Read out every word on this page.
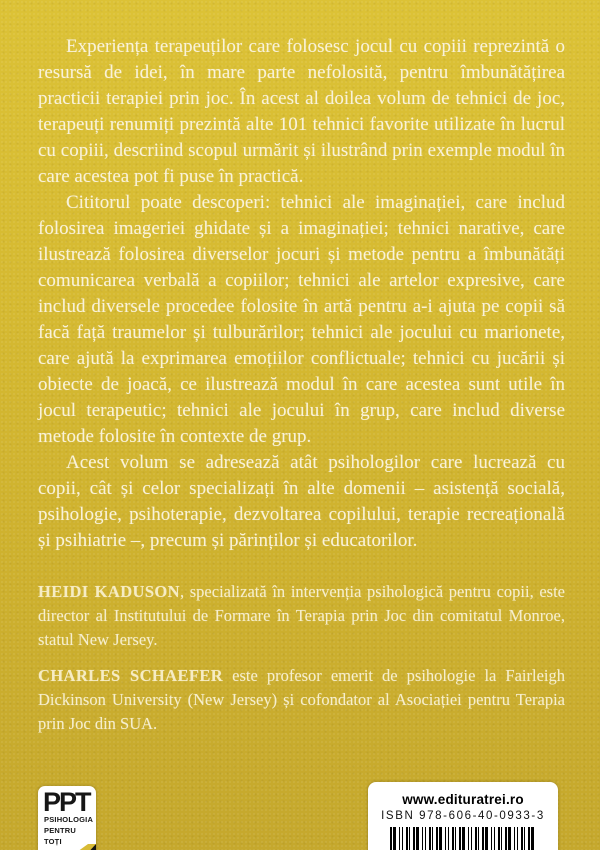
Experiența terapeuților care folosesc jocul cu copiii reprezintă o resursă de idei, în mare parte nefolosită, pentru îmbunătățirea practicii terapiei prin joc. În acest al doilea volum de tehnici de joc, terapeuți renumiți prezintă alte 101 tehnici favorite utilizate în lucrul cu copiii, descriind scopul urmărit și ilustrând prin exemple modul în care acestea pot fi puse în practică.

Cititorul poate descoperi: tehnici ale imaginației, care includ folosirea imageriei ghidate și a imaginației; tehnici narative, care ilustrează folosirea diverselor jocuri și metode pentru a îmbunătăți comunicarea verbală a copiilor; tehnici ale artelor expresive, care includ diversele procedee folosite în artă pentru a-i ajuta pe copii să facă față traumelor și tulburărilor; tehnici ale jocului cu marionete, care ajută la exprimarea emoțiilor conflictuale; tehnici cu jucării și obiecte de joacă, ce ilustrează modul în care acestea sunt utile în jocul terapeutic; tehnici ale jocului în grup, care includ diverse metode folosite în contexte de grup.

Acest volum se adresează atât psihologilor care lucrează cu copii, cât și celor specializați în alte domenii – asistență socială, psihologie, psihoterapie, dezvoltarea copilului, terapie recreațională și psihiatrie –, precum și părinților și educatorilor.

HEIDI KADUSON, specializată în intervenția psihologică pentru copii, este director al Institutului de Formare în Terapia prin Joc din comitatul Monroe, statul New Jersey.

CHARLES SCHAEFER este profesor emerit de psihologie la Fairleigh Dickinson University (New Jersey) și cofondator al Asociației pentru Terapia prin Joc din SUA.

PPT
PSIHOLOGIA
PENTRU
TOȚI
www.edituratrei.ro
ISBN 978-606-40-0933-3
